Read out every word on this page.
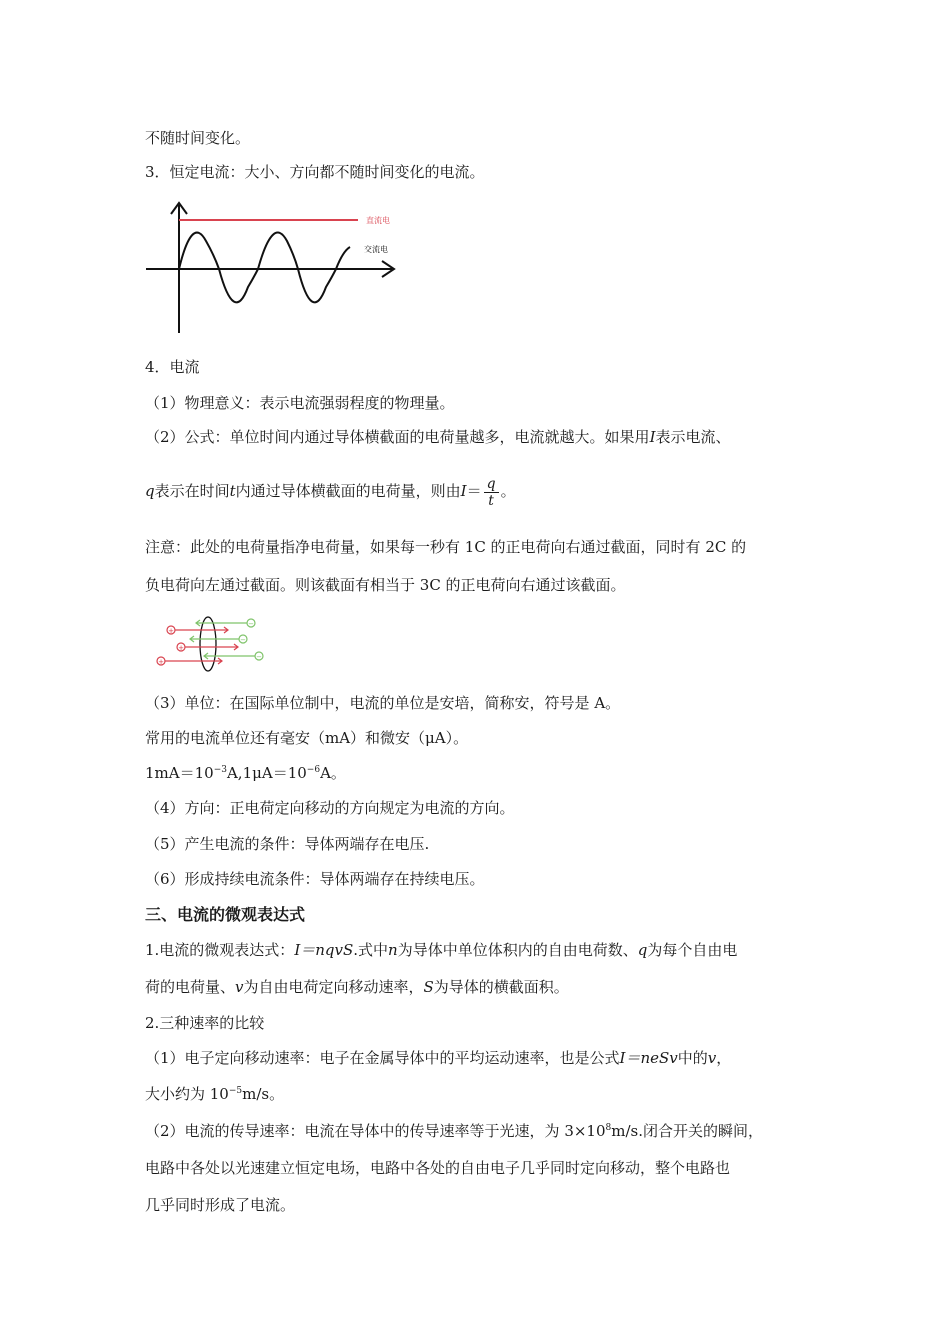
不随时间变化。
3．恒定电流：大小、方向都不随时间变化的电流。
直流电
交流电
4．电流
（1）物理意义：表示电流强弱程度的物理量。
（2）公式：单位时间内通过导体横截面的电荷量越多，电流就越大。如果用I表示电流、
q表示在时间t内通过导体横截面的电荷量，则由$I= \frac{q}{t}$ 。
注意：此处的电荷量指净电荷量，如果每一秒有 1C 的正电荷向右通过截面，同时有 2C 的
负电荷向左通过截面。则该截面有相当于 3C 的正电荷向右通过该截面。
+
+
+
−
−
−
（3）单位：在国际单位制中，电流的单位是安培，简称安，符号是 A。
常用的电流单位还有毫安（mA）和微安（μA）。
$1mA=10^{-3}A,1\mu A=10^{-6}A$。
（4）方向：正电荷定向移动的方向规定为电流的方向。
（5）产生电流的条件：导体两端存在电压.
（6）形成持续电流条件：导体两端存在持续电压。
三、电流的微观表达式
1.电流的微观表达式：I＝nqvS.式中n为导体中单位体积内的自由电荷数、q为每个自由电
荷的电荷量、v为自由电荷定向移动速率，S为导体的横截面积。
2.三种速率的比较
（1）电子定向移动速率：电子在金属导体中的平均运动速率，也是公式I＝neSv中的v，
大小约为 $10^{-5}m/s$。
（2）电流的传导速率：电流在导体中的传导速率等于光速，为 $3\times 10^8m/s$.闭合开关的瞬间，
电路中各处以光速建立恒定电场，电路中各处的自由电子几乎同时定向移动，整个电路也
几乎同时形成了电流。
